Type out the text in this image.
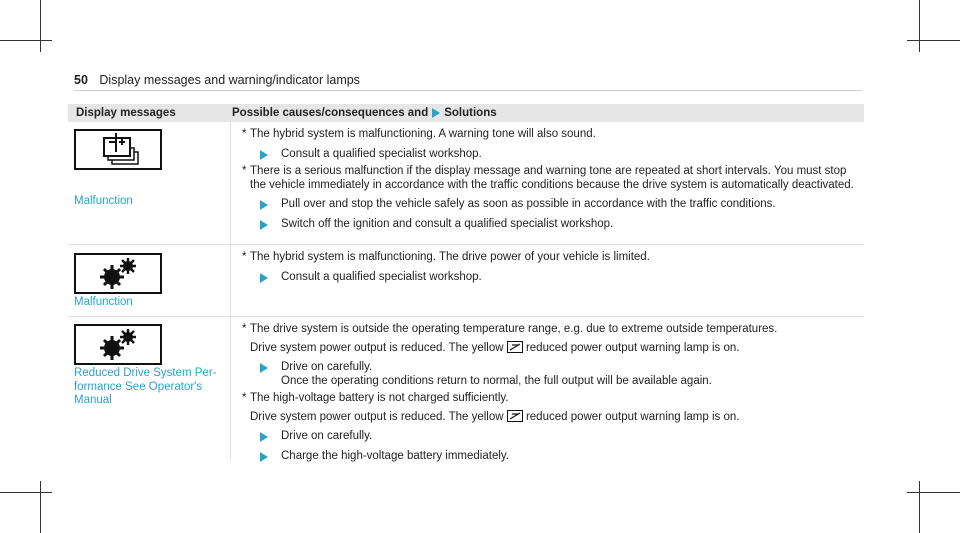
50 Display messages and warning/indicator lamps
Display messages	Possible causes/consequences and Solutions
Malfunction
* The hybrid system is malfunctioning. A warning tone will also sound.
Consult a qualified specialist workshop.
* There is a serious malfunction if the display message and warning tone are repeated at short intervals. You must stop the vehicle immediately in accordance with the traffic conditions because the drive system is automatically deactivated.
Pull over and stop the vehicle safely as soon as possible in accordance with the traffic conditions.
Switch off the ignition and consult a qualified specialist workshop.
Malfunction
* The hybrid system is malfunctioning. The drive power of your vehicle is limited.
Consult a qualified specialist workshop.
Reduced Drive System Per-
formance See Operator's
Manual
* The drive system is outside the operating temperature range, e.g. due to extreme outside temperatures.
Drive system power output is reduced. The yellow reduced power output warning lamp is on.
Drive on carefully.
Once the operating conditions return to normal, the full output will be available again.
* The high-voltage battery is not charged sufficiently.
Drive system power output is reduced. The yellow reduced power output warning lamp is on.
Drive on carefully.
Charge the high-voltage battery immediately.
